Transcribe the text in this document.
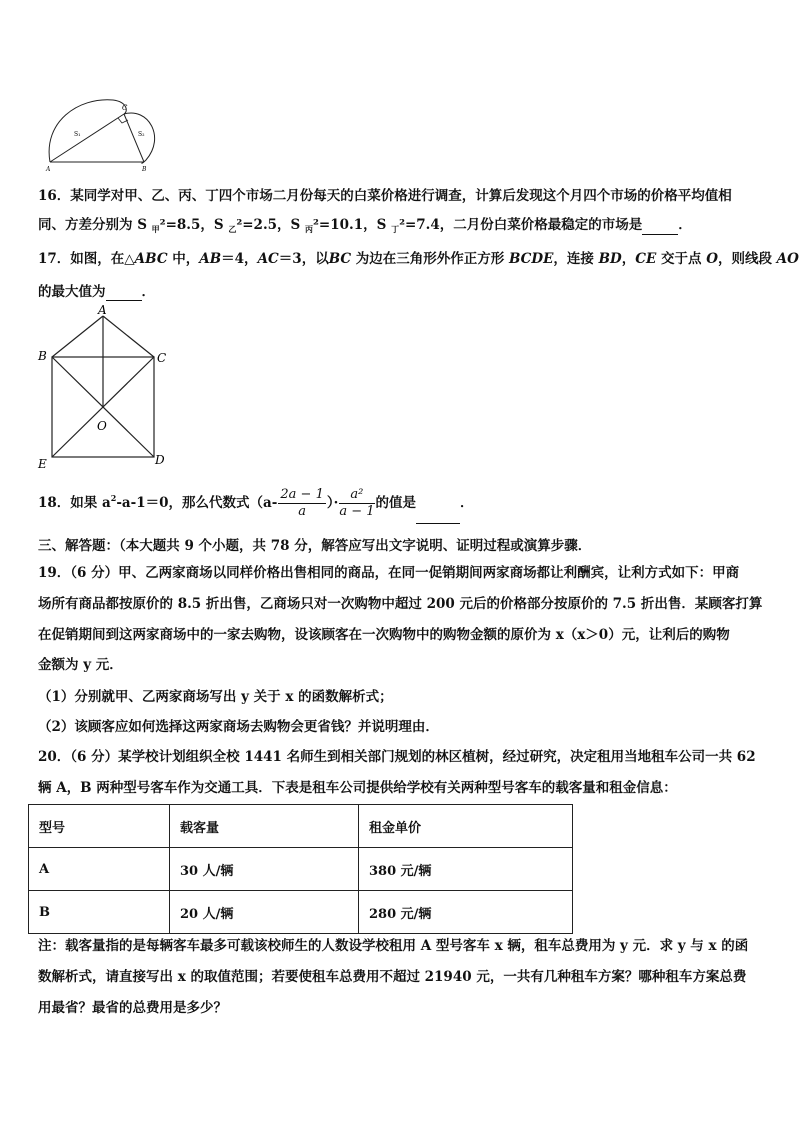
S₁	S₂
C
A	B
16．某同学对甲、乙、丙、丁四个市场二月份每天的白菜价格进行调查，计算后发现这个月四个市场的价格平均值相
同、方差分别为 S $_甲$²=8.5，S $_乙$²=2.5，S $_丙$²=10.1，S $_丁$²=7.4，二月份白菜价格最稳定的市场是	．
17．如图，在△ABC 中，AB＝4，AC＝3，以BC 为边在三角形外作正方形 BCDE，连接 BD，CE 交于点 O，则线段 AO
的最大值为	．
A
B	C
O
E	D
18．如果 $a^2-a-1=0$，那么代数式（$a- \frac{2a - 1}{a}$ ）· $\frac{\text{a²}}{a - 1}$ 的值是	．
三、解答题：（本大题共 9 个小题，共 78 分，解答应写出文字说明、证明过程或演算步骤．
19．（6 分）甲、乙两家商场以同样价格出售相同的商品，在同一促销期间两家商场都让利酬宾，让利方式如下：甲商
场所有商品都按原价的 8.5 折出售，乙商场只对一次购物中超过 200 元后的价格部分按原价的 7.5 折出售．某顾客打算
在促销期间到这两家商场中的一家去购物，设该顾客在一次购物中的购物金额的原价为 x（x＞0）元，让利后的购物
金额为 y 元．
（1）分别就甲、乙两家商场写出 y 关于 x 的函数解析式；
（2）该顾客应如何选择这两家商场去购物会更省钱？并说明理由．
20．（6 分）某学校计划组织全校 1441 名师生到相关部门规划的林区植树，经过研究，决定租用当地租车公司一共 62
辆 A，B 两种型号客车作为交通工具．下表是租车公司提供给学校有关两种型号客车的载客量和租金信息：
型号	载客量	租金单价
A	30 人/辆	380 元/辆
B	20 人/辆	280 元/辆
注：载客量指的是每辆客车最多可载该校师生的人数设学校租用 A 型号客车 x 辆，租车总费用为 y 元．求 y 与 x 的函
数解析式，请直接写出 x 的取值范围；若要使租车总费用不超过 21940 元，一共有几种租车方案？哪种租车方案总费
用最省？最省的总费用是多少？
